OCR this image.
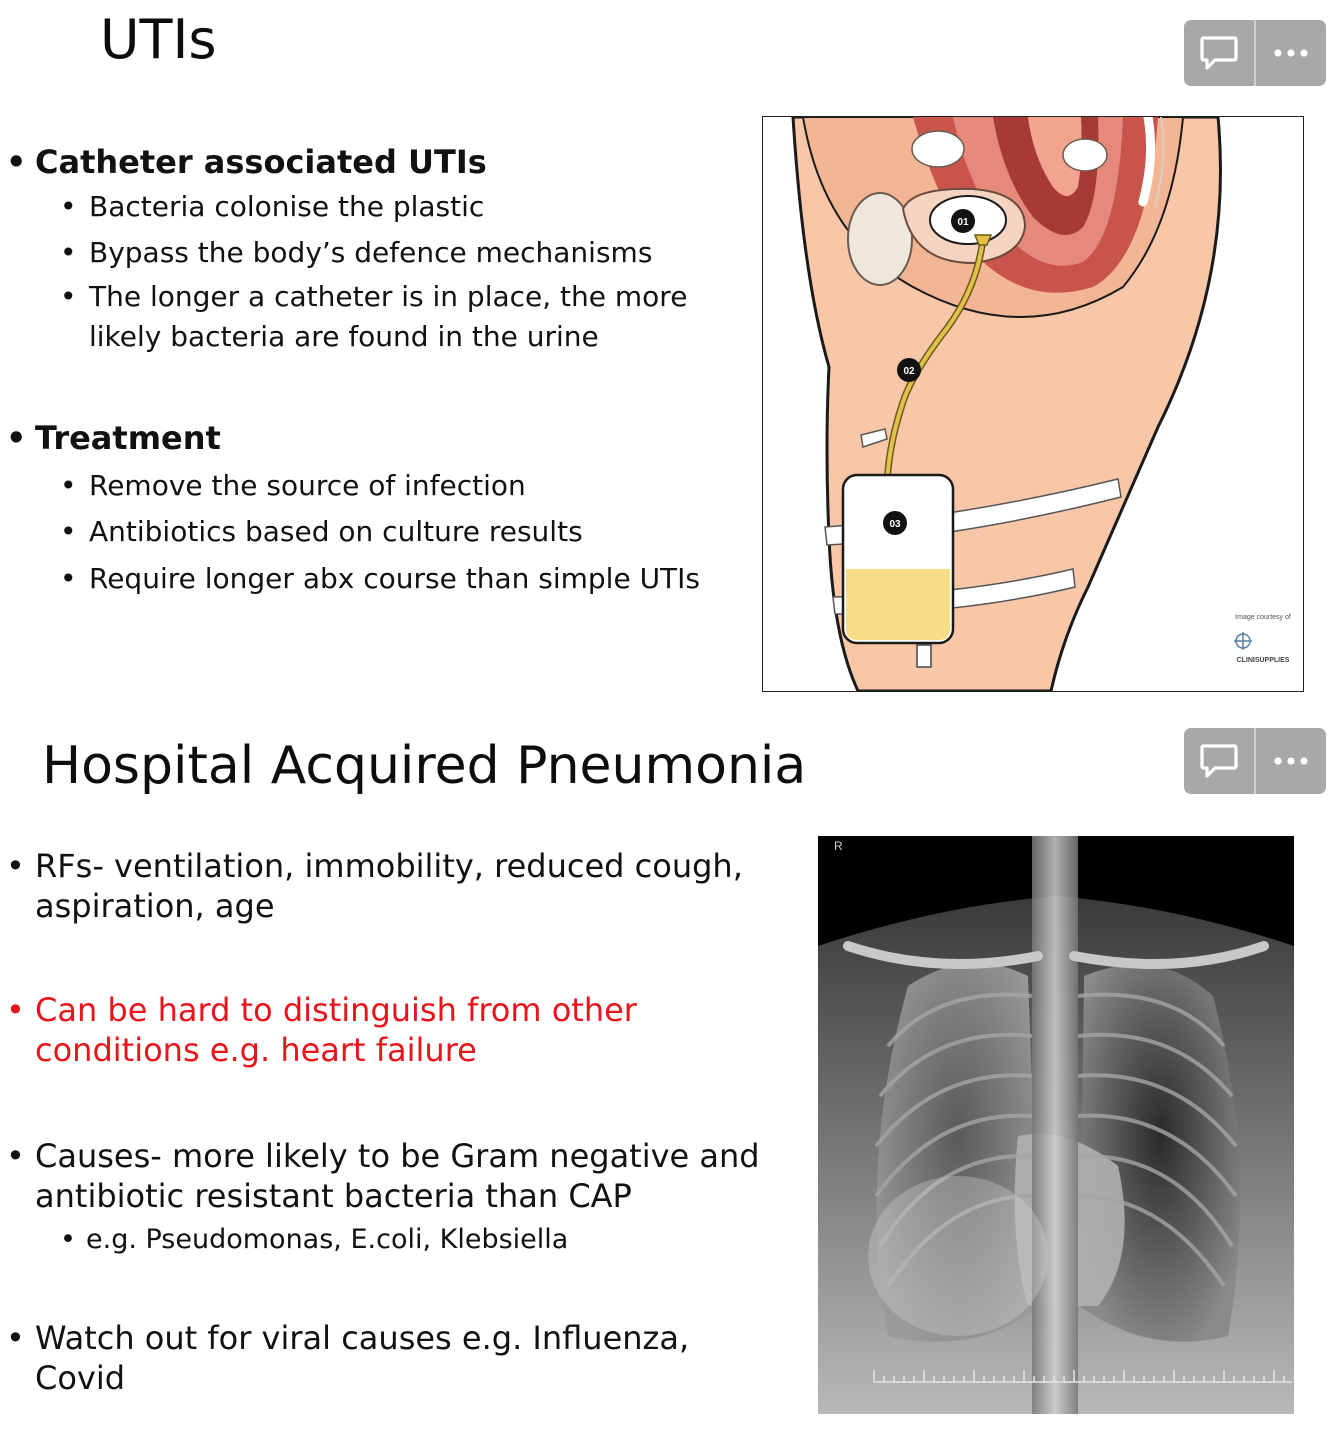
UTIs
• Catheter associated UTIs
• Bacteria colonise the plastic
• Bypass the body’s defence mechanisms
• The longer a catheter is in place, the more likely bacteria are found in the urine
• Treatment
• Remove the source of infection
• Antibiotics based on culture results
• Require longer abx course than simple UTIs
01
02
03
Image courtesy of
CLINISUPPLIES
Hospital Acquired Pneumonia
• RFs- ventilation, immobility, reduced cough, aspiration, age
• Can be hard to distinguish from other conditions e.g. heart failure
• Causes- more likely to be Gram negative and antibiotic resistant bacteria than CAP
• e.g. Pseudomonas, E.coli, Klebsiella
• Watch out for viral causes e.g. Influenza, Covid
R
